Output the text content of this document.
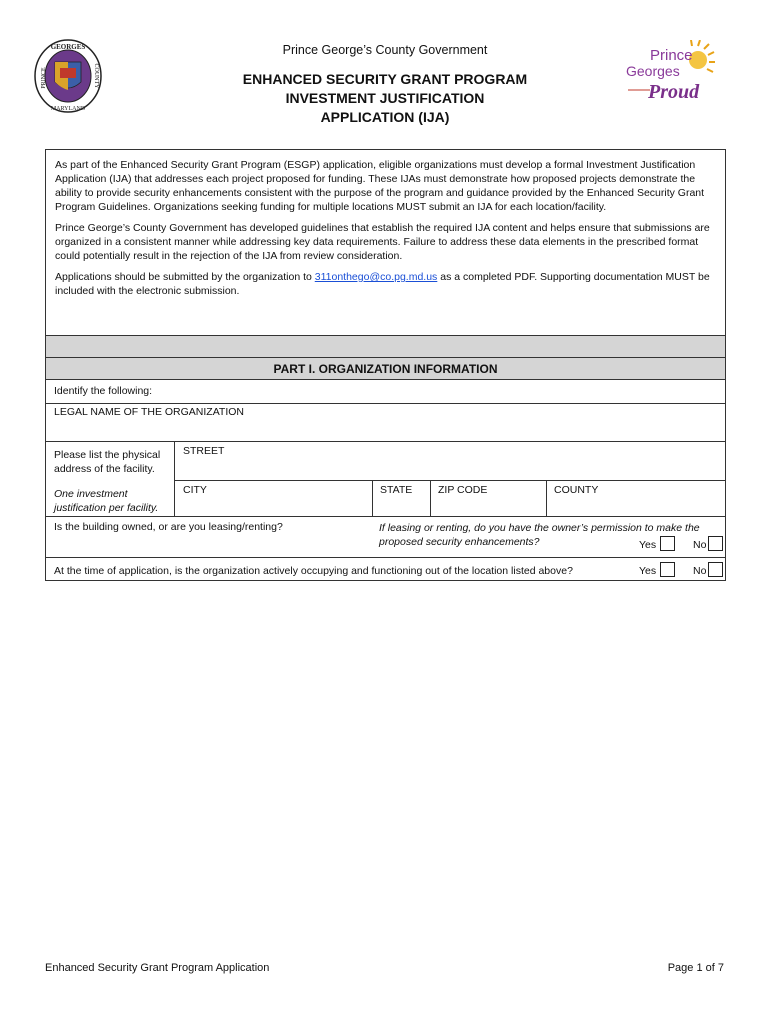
GEORGES
PRINCE	COUNTY
MARYLAND
Prince
Georges
Proud
Prince George’s County Government
ENHANCED SECURITY GRANT PROGRAM
INVESTMENT JUSTIFICATION
APPLICATION (IJA)

As part of the Enhanced Security Grant Program (ESGP) application, eligible organizations must develop a formal Investment Justification Application (IJA) that addresses each project proposed for funding. These IJAs must demonstrate how proposed projects demonstrate the ability to provide security enhancements consistent with the purpose of the program and guidance provided by the Enhanced Security Grant Program Guidelines. Organizations seeking funding for multiple locations MUST submit an IJA for each location/facility.

Prince George’s County Government has developed guidelines that establish the required IJA content and helps ensure that submissions are organized in a consistent manner while addressing key data requirements. Failure to address these data elements in the prescribed format could potentially result in the rejection of the IJA from review consideration.

Applications should be submitted by the organization to 311onthego@co.pg.md.us as a completed PDF. Supporting documentation MUST be included with the electronic submission.

PART I. ORGANIZATION INFORMATION
Identify the following:
LEGAL NAME OF THE ORGANIZATION
Please list the physical address of the facility.
One investment justification per facility.
STREET
CITY	STATE ZIP CODE	COUNTY
Is the building owned, or are you leasing/renting?	If leasing or renting, do you have the owner’s permission to make the proposed security enhancements?	Yes	No
At the time of application, is the organization actively occupying and functioning out of the location listed above?	Yes	No
Enhanced Security Grant Program Application	Page 1 of 7
